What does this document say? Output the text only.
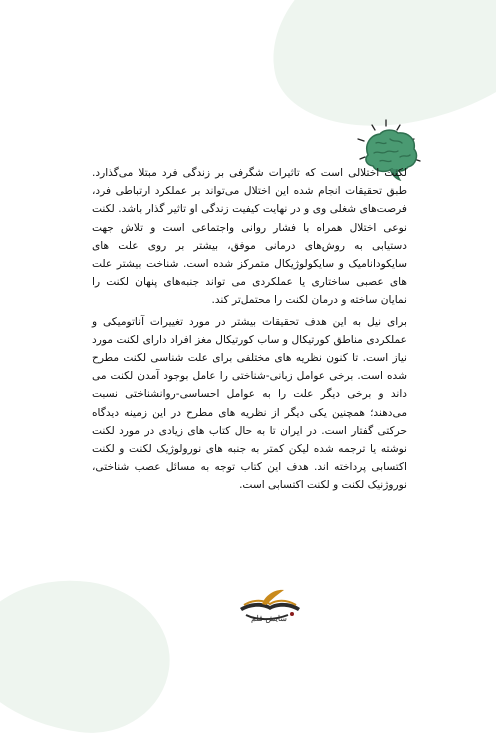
لکنت اختلالی است که تاثیرات شگرفی بر زندگی فرد مبتلا می‌گذارد. طبق تحقیقات انجام شده این اختلال می‌تواند بر عملکرد ارتباطی فرد، فرصت‌های شغلی وی و در نهایت کیفیت زندگی او تاثیر گذار باشد. لکنت نوعی اختلال همراه با فشار روانی واجتماعی است و تلاش جهت دستیابی به روش‌های درمانی موفق، بیشتر بر روی علت های سایکودانامیک و سایکولوژیکال متمرکز شده است. شناخت بیشتر علت های عصبی ساختاری یا عملکردی می تواند جنبه‌های پنهان لکنت را نمایان ساخته و درمان لکنت را محتمل‌تر کند.

برای نیل به این هدف تحقیقات بیشتر در مورد تغییرات آناتومیکی و عملکردی مناطق کورتیکال و ساب کورتیکال مغز افراد دارای لکنت مورد نیاز است. تا کنون نظریه های مختلفی برای علت شناسی لکنت مطرح شده است. برخی عوامل زبانی-شناختی را عامل بوجود آمدن لکنت می داند و برخی دیگر علت را به عوامل احساسی-روانشناختی نسبت می‌دهند؛ همچنین یکی دیگر از نظریه های مطرح در این زمینه دیدگاه حرکتی گفتار است. در ایران تا به حال کتاب های زیادی در مورد لکنت نوشته یا ترجمه شده لیکن کمتر به جنبه های نورولوژیک لکنت و لکنت اکتسابی پرداخته اند. هدف این کتاب توجه به مسائل عصب شناختی، نوروژنیک لکنت و لکنت اکتسابی است.

سایش قلم
